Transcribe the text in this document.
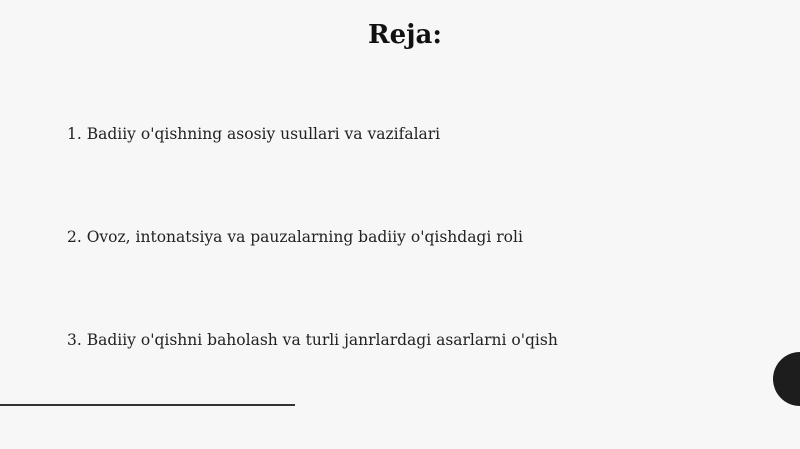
Reja:
1. Badiiy o'qishning asosiy usullari va vazifalari
2. Ovoz, intonatsiya va pauzalarning badiiy o'qishdagi roli
3. Badiiy o'qishni baholash va turli janrlardagi asarlarni o'qish
